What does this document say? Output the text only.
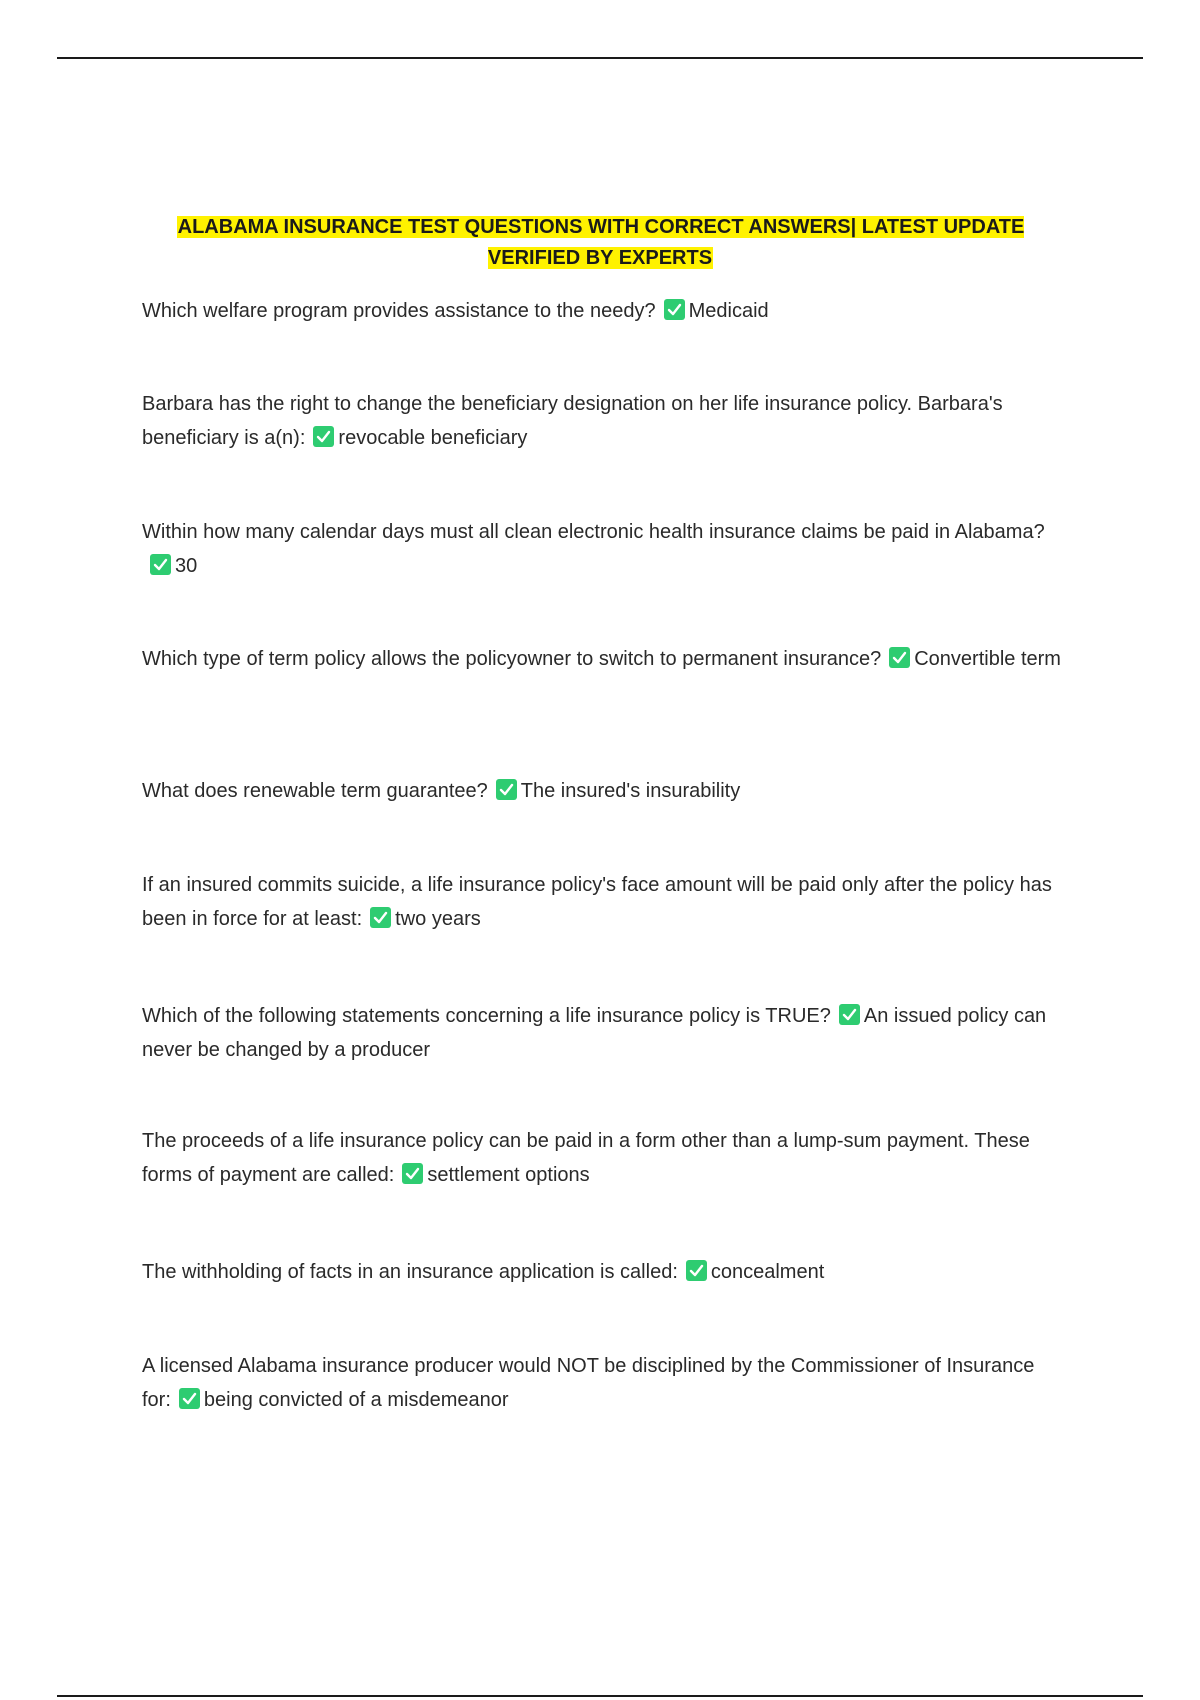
ALABAMA INSURANCE TEST QUESTIONS WITH CORRECT ANSWERS| LATEST UPDATE VERIFIED BY EXPERTS
Which welfare program provides assistance to the needy? Medicaid
Barbara has the right to change the beneficiary designation on her life insurance policy. Barbara's beneficiary is a(n): revocable beneficiary
Within how many calendar days must all clean electronic health insurance claims be paid in Alabama?
30
Which type of term policy allows the policyowner to switch to permanent insurance? Convertible term
What does renewable term guarantee? The insured's insurability
If an insured commits suicide, a life insurance policy's face amount will be paid only after the policy has been in force for at least: two years
Which of the following statements concerning a life insurance policy is TRUE? An issued policy can never be changed by a producer
The proceeds of a life insurance policy can be paid in a form other than a lump-sum payment. These forms of payment are called: settlement options
The withholding of facts in an insurance application is called: concealment
A licensed Alabama insurance producer would NOT be disciplined by the Commissioner of Insurance for: being convicted of a misdemeanor
